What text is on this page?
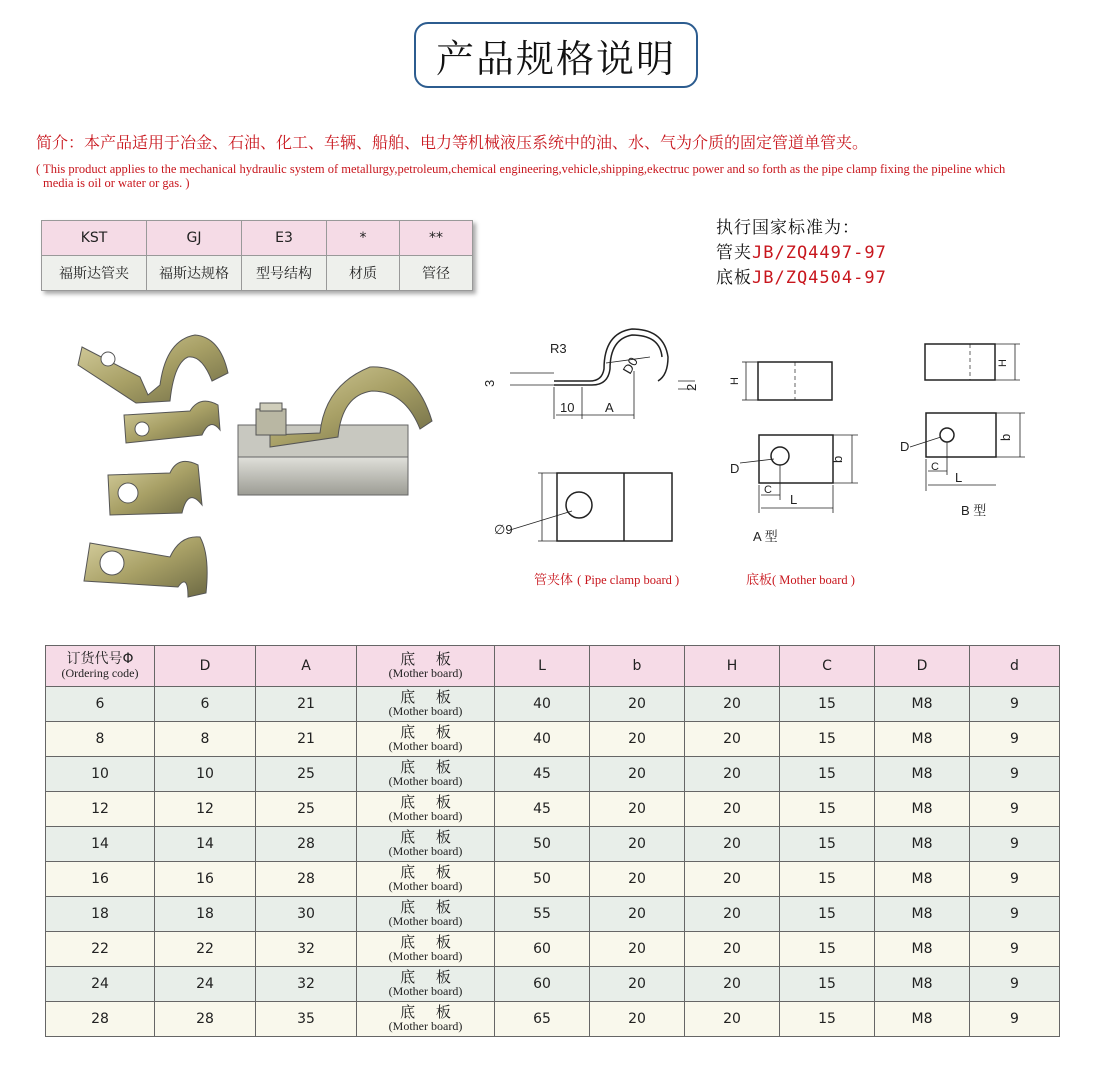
产品规格说明
简介：本产品适用于冶金、石油、化工、车辆、船舶、电力等机械液压系统中的油、水、气为介质的固定管道单管夹。
( This product applies to the mechanical hydraulic system of metallurgy,petroleum,chemical engineering,vehicle,shipping,ekectruc power and so forth as the pipe clamp fixing the pipeline which
media is oil or water or gas. )
KST	GJ	E3	*	**
福斯达管夹	福斯达规格	型号结构	材质	管径
执行国家标准为：
管夹JB/ZQ4497-97
底板JB/ZQ4504-97
R3
D0
3
2
10 A
H
H
∅9
D
b
C
L
D
b
C
L
A 型
B 型
管夹体 ( Pipe clamp board )	底板( Mother board )
订货代号Φ
(Ordering code)	D	A	底 板
(Mother board)	L	b	H	C	D	d
6	6	21	底 板
(Mother board)	40	20	20	15	M8	9
8	8	21	底 板
(Mother board)	40	20	20	15	M8	9
10	10	25	底 板
(Mother board)	45	20	20	15	M8	9
12	12	25	底 板
(Mother board)	45	20	20	15	M8	9
14	14	28	底 板
(Mother board)	50	20	20	15	M8	9
16	16	28	底 板
(Mother board)	50	20	20	15	M8	9
18	18	30	底 板
(Mother board)	55	20	20	15	M8	9
22	22	32	底 板
(Mother board)	60	20	20	15	M8	9
24	24	32	底 板
(Mother board)	60	20	20	15	M8	9
28	28	35	底 板
(Mother board)	65	20	20	15	M8	9
